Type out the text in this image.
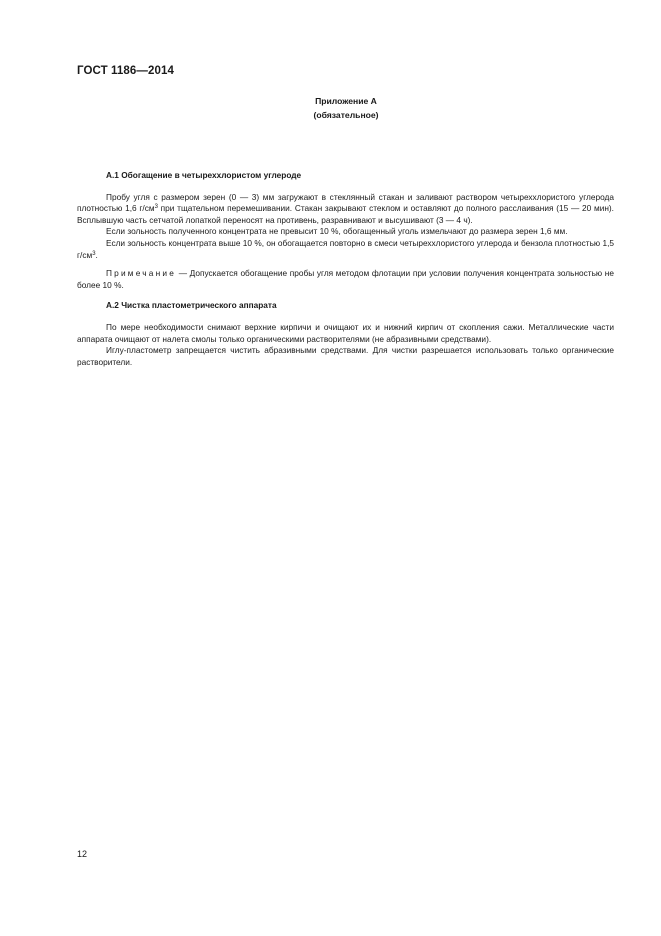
ГОСТ 1186—2014
Приложение А
(обязательное)
А.1 Обогащение в четыреххлористом углероде

Пробу угля с размером зерен (0 — 3) мм загружают в стеклянный стакан и заливают раствором четыреххлористого углерода плотностью 1,6 $г/см^3$ при тщательном перемешивании. Стакан закрывают стеклом и оставляют до полного расслаивания (15 — 20 мин). Всплывшую часть сетчатой лопаткой переносят на противень, разравнивают и высушивают (3 — 4 ч).

Если зольность полученного концентрата не превысит 10 %, обогащенный уголь измельчают до размера зерен 1,6 мм.

Если зольность концентрата выше 10 %, он обогащается повторно в смеси четыреххлористого углерода и бензола плотностью 1,5 $г/см^3$.

Примечание — Допускается обогащение пробы угля методом флотации при условии получения концентрата зольностью не более 10 %.

А.2 Чистка пластометрического аппарата

По мере необходимости снимают верхние кирпичи и очищают их и нижний кирпич от скопления сажи. Металлические части аппарата очищают от налета смолы только органическими растворителями (не абразивными средствами).

Иглу-пластометр запрещается чистить абразивными средствами. Для чистки разрешается использовать только органические растворители.

12
